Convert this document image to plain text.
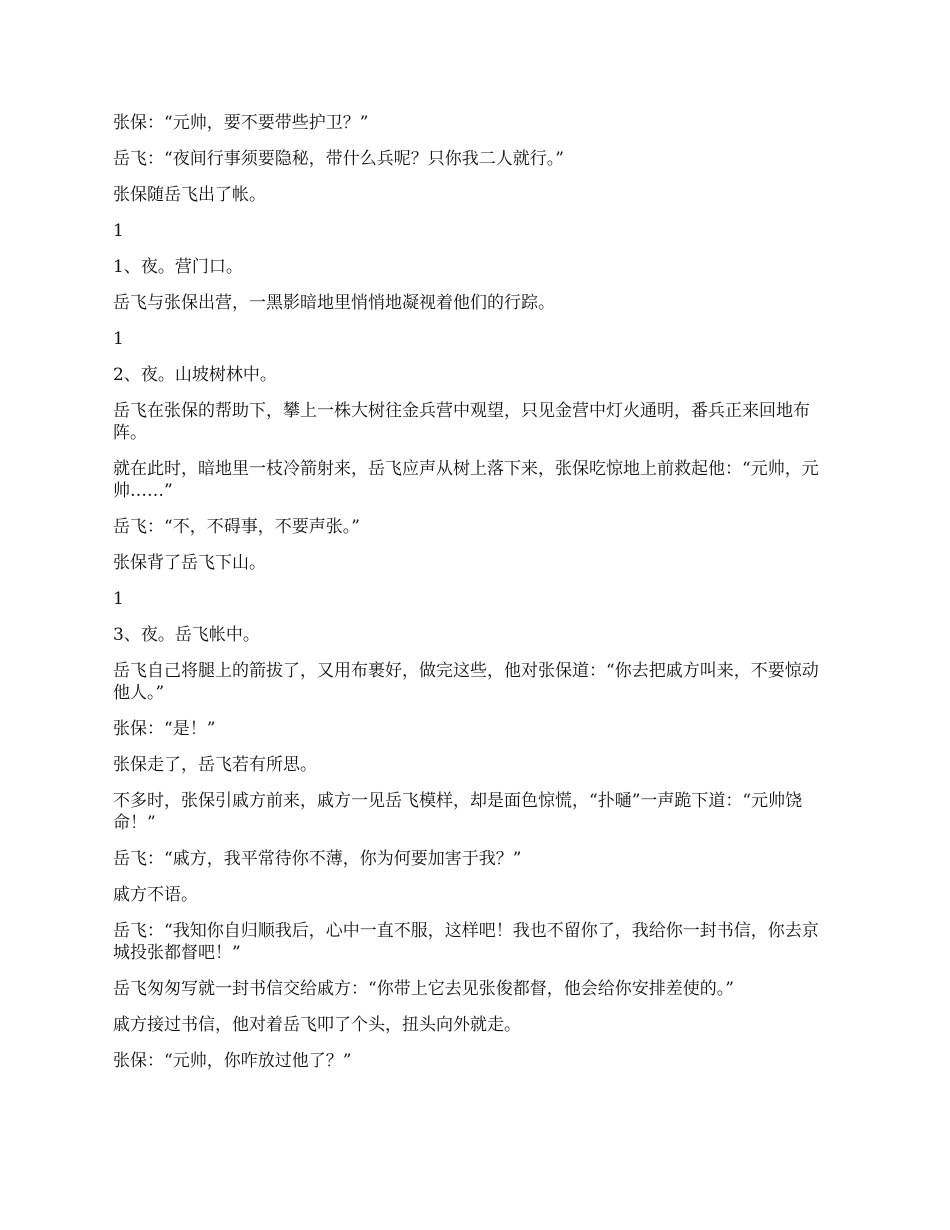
张保：“元帅，要不要带些护卫？”

岳飞：“夜间行事须要隐秘，带什么兵呢？只你我二人就行。”

张保随岳飞出了帐。

1

1、夜。营门口。

岳飞与张保出营，一黑影暗地里悄悄地凝视着他们的行踪。

1

2、夜。山坡树林中。

岳飞在张保的帮助下，攀上一株大树往金兵营中观望，只见金营中灯火通明，番兵正来回地布阵。

就在此时，暗地里一枝冷箭射来，岳飞应声从树上落下来，张保吃惊地上前救起他：“元帅，元帅……”

岳飞：“不，不碍事，不要声张。”

张保背了岳飞下山。

1

3、夜。岳飞帐中。

岳飞自己将腿上的箭拔了，又用布裹好，做完这些，他对张保道：“你去把戚方叫来，不要惊动他人。”

张保：“是！”

张保走了，岳飞若有所思。

不多时，张保引戚方前来，戚方一见岳飞模样，却是面色惊慌，“扑嗵”一声跪下道：“元帅饶命！”

岳飞：“戚方，我平常待你不薄，你为何要加害于我？”

戚方不语。

岳飞：“我知你自归顺我后，心中一直不服，这样吧！我也不留你了，我给你一封书信，你去京城投张都督吧！”

岳飞匆匆写就一封书信交给戚方：“你带上它去见张俊都督，他会给你安排差使的。”

戚方接过书信，他对着岳飞叩了个头，扭头向外就走。

张保：“元帅，你咋放过他了？”
